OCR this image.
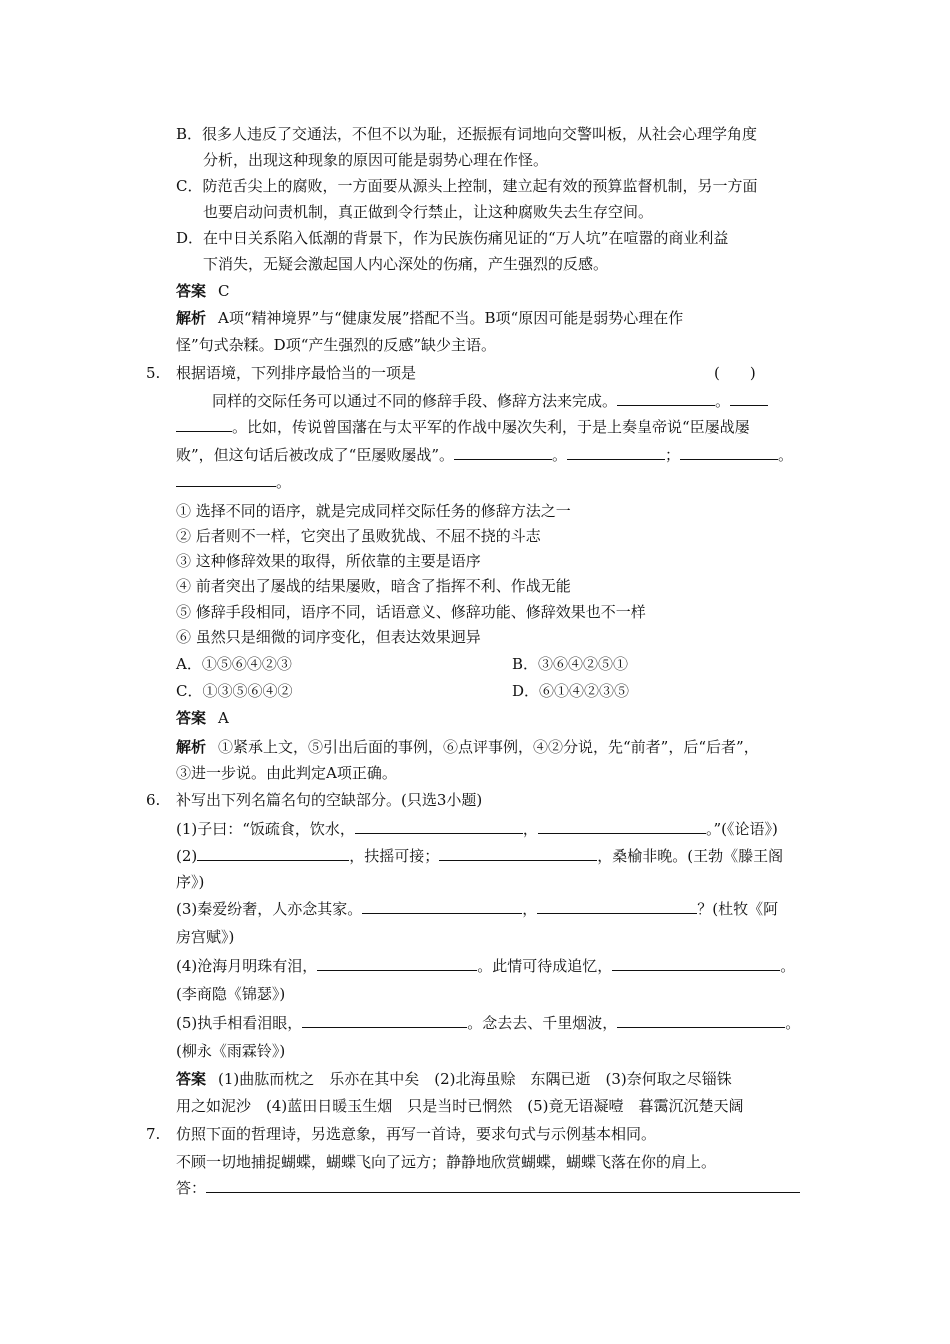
B．很多人违反了交通法，不但不以为耻，还振振有词地向交警叫板，从社会心理学角度
分析，出现这种现象的原因可能是弱势心理在作怪。
C．防范舌尖上的腐败，一方面要从源头上控制，建立起有效的预算监督机制，另一方面
也要启动问责机制，真正做到令行禁止，让这种腐败失去生存空间。
D．在中日关系陷入低潮的背景下，作为民族伤痛见证的“万人坑”在喧嚣的商业利益
下消失，无疑会激起国人内心深处的伤痛，产生强烈的反感。
答案 C
解析 A项“精神境界”与“健康发展”搭配不当。B项“原因可能是弱势心理在作
怪”句式杂糅。D项“产生强烈的反感”缺少主语。
5. 根据语境，下列排序最恰当的一项是	(　　)
同样的交际任务可以通过不同的修辞手段、修辞方法来完成。	。
。比如，传说曾国藩在与太平军的作战中屡次失利，于是上奏皇帝说“臣屡战屡
败”，但这句话后被改成了“臣屡败屡战”。	。	；	。
。
① 选择不同的语序，就是完成同样交际任务的修辞方法之一
② 后者则不一样，它突出了虽败犹战、不屈不挠的斗志
③ 这种修辞效果的取得，所依靠的主要是语序
④ 前者突出了屡战的结果屡败，暗含了指挥不利、作战无能
⑤ 修辞手段相同，语序不同，话语意义、修辞功能、修辞效果也不一样
⑥ 虽然只是细微的词序变化，但表达效果迥异
A．①⑤⑥④②③	B．③⑥④②⑤①
C．①③⑤⑥④②	D．⑥①④②③⑤
答案 A
解析 ①紧承上文，⑤引出后面的事例，⑥点评事例，④②分说，先“前者”，后“后者”，
③进一步说。由此判定A项正确。
6. 补写出下列名篇名句的空缺部分。(只选3小题)
(1)子曰：“饭疏食，饮水，	，	。”(《论语》)
(2)	，扶摇可接；	，桑榆非晚。(王勃《滕王阁
序》)
(3)秦爱纷奢，人亦念其家。	，	？(杜牧《阿
房宫赋》)
(4)沧海月明珠有泪，	。此情可待成追忆，	。
(李商隐《锦瑟》)
(5)执手相看泪眼，	。念去去、千里烟波，	。
(柳永《雨霖铃》)
答案 (1)曲肱而枕之　乐亦在其中矣　(2)北海虽赊　东隅已逝　(3)奈何取之尽锱铢
用之如泥沙　(4)蓝田日暖玉生烟　只是当时已惘然　(5)竟无语凝噎　暮霭沉沉楚天阔
7. 仿照下面的哲理诗，另选意象，再写一首诗，要求句式与示例基本相同。
不顾一切地捕捉蝴蝶，蝴蝶飞向了远方；静静地欣赏蝴蝶，蝴蝶飞落在你的肩上。
答：
